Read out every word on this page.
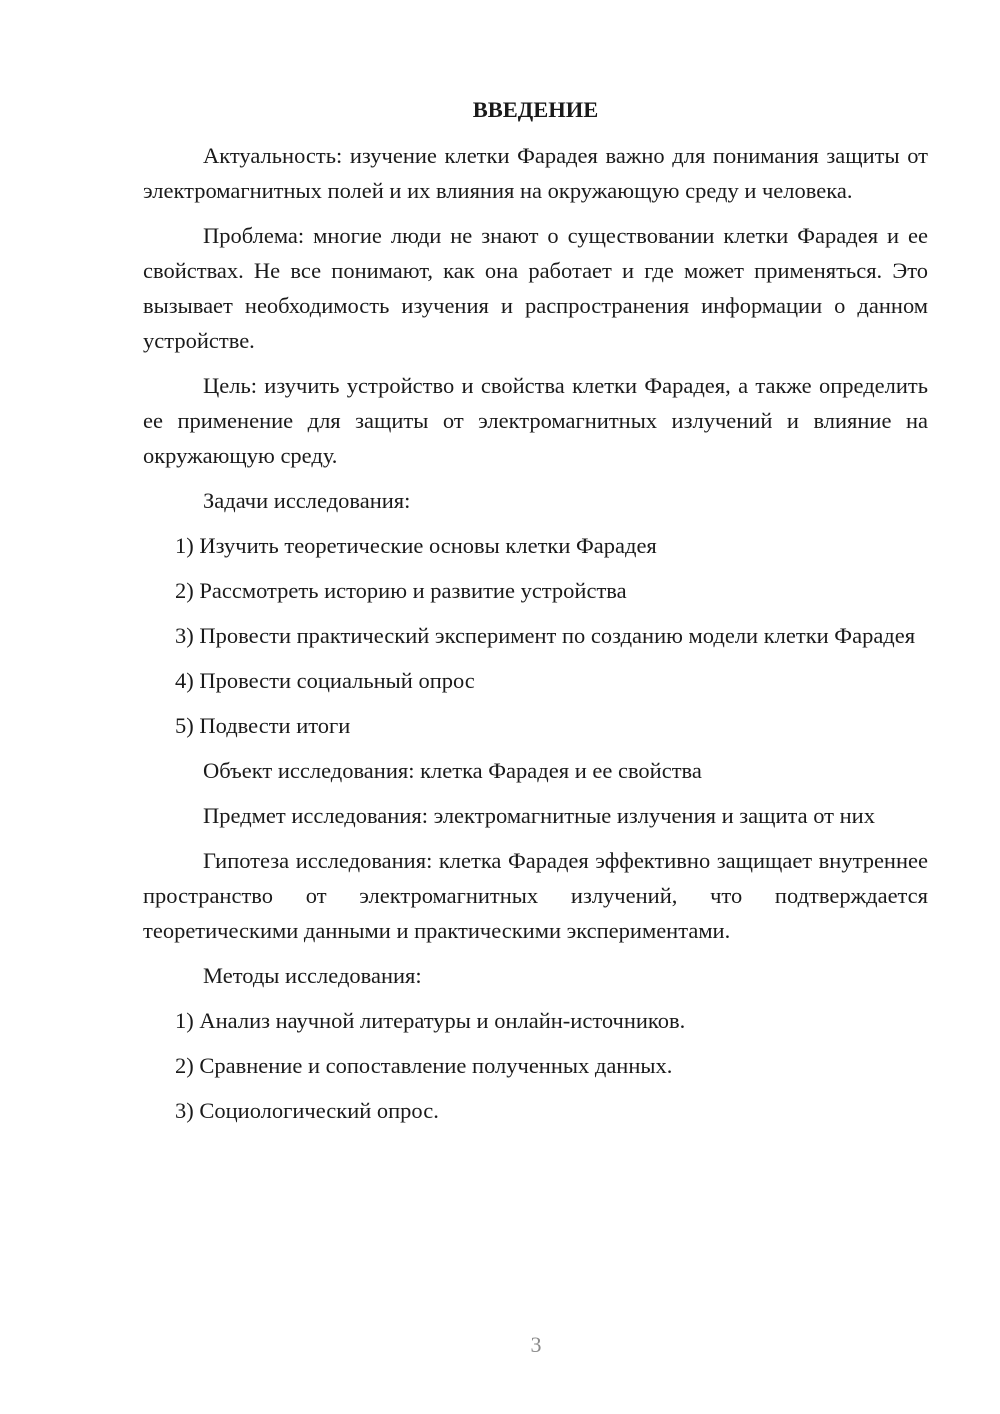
ВВЕДЕНИЕ
Актуальность: изучение клетки Фарадея важно для понимания защиты от электромагнитных полей и их влияния на окружающую среду и человека.
Проблема: многие люди не знают о существовании клетки Фарадея и ее свойствах. Не все понимают, как она работает и где может применяться. Это вызывает необходимость изучения и распространения информации о данном устройстве.
Цель: изучить устройство и свойства клетки Фарадея, а также определить ее применение для защиты от электромагнитных излучений и влияние на окружающую среду.
Задачи исследования:
1) Изучить теоретические основы клетки Фарадея
2) Рассмотреть историю и развитие устройства
3) Провести практический эксперимент по созданию модели клетки Фарадея
4) Провести социальный опрос
5) Подвести итоги
Объект исследования: клетка Фарадея и ее свойства
Предмет исследования: электромагнитные излучения и защита от них
Гипотеза исследования: клетка Фарадея эффективно защищает внутреннее пространство от электромагнитных излучений, что подтверждается теоретическими данными и практическими экспериментами.
Методы исследования:
1) Анализ научной литературы и онлайн-источников.
2) Сравнение и сопоставление полученных данных.
3) Социологический опрос.
3
